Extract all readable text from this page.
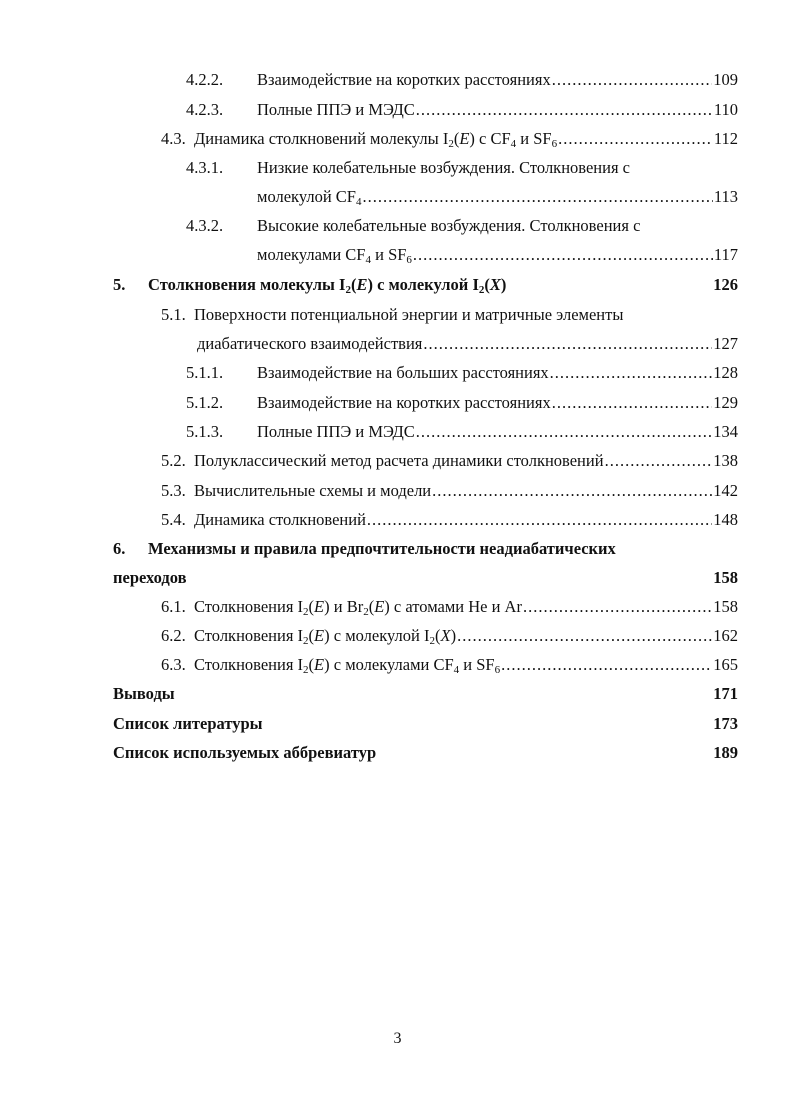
4.2.2. Взаимодействие на коротких расстояниях .....	109
4.2.3. Полные ППЭ и МЭДС .....	110
4.3. Динамика столкновений молекулы $I_2(E)$ с $CF_4$ и $SF_6$ .....	112
4.3.1. Низкие колебательные возбуждения. Столкновения с
молекулой $CF_4$ .....	113
4.3.2. Высокие колебательные возбуждения. Столкновения с
молекулами $CF_4$ и $SF_6$ .....	117
5. Столкновения молекулы $I_2(E)$ с молекулой $I_2(X)$	126
5.1. Поверхности потенциальной энергии и матричные элементы
диабатического взаимодействия .....	127
5.1.1. Взаимодействие на больших расстояниях .....	128
5.1.2. Взаимодействие на коротких расстояниях .....	129
5.1.3. Полные ППЭ и МЭДС .....	134
5.2. Полуклассический метод расчета динамики столкновений .....	138
5.3. Вычислительные схемы и модели .....	142
5.4. Динамика столкновений .....	148
6. Механизмы и правила предпочтительности неадиабатических
переходов	158
6.1. Столкновения $I_2(E)$ и $Br_2(E)$ с атомами He и Ar .....	158
6.2. Столкновения $I_2(E)$ с молекулой $I_2(X)$ .....	162
6.3. Столкновения $I_2(E)$ с молекулами $CF_4$ и $SF_6$ .....	165
Выводы	171
Список литературы	173
Список используемых аббревиатур	189
3
